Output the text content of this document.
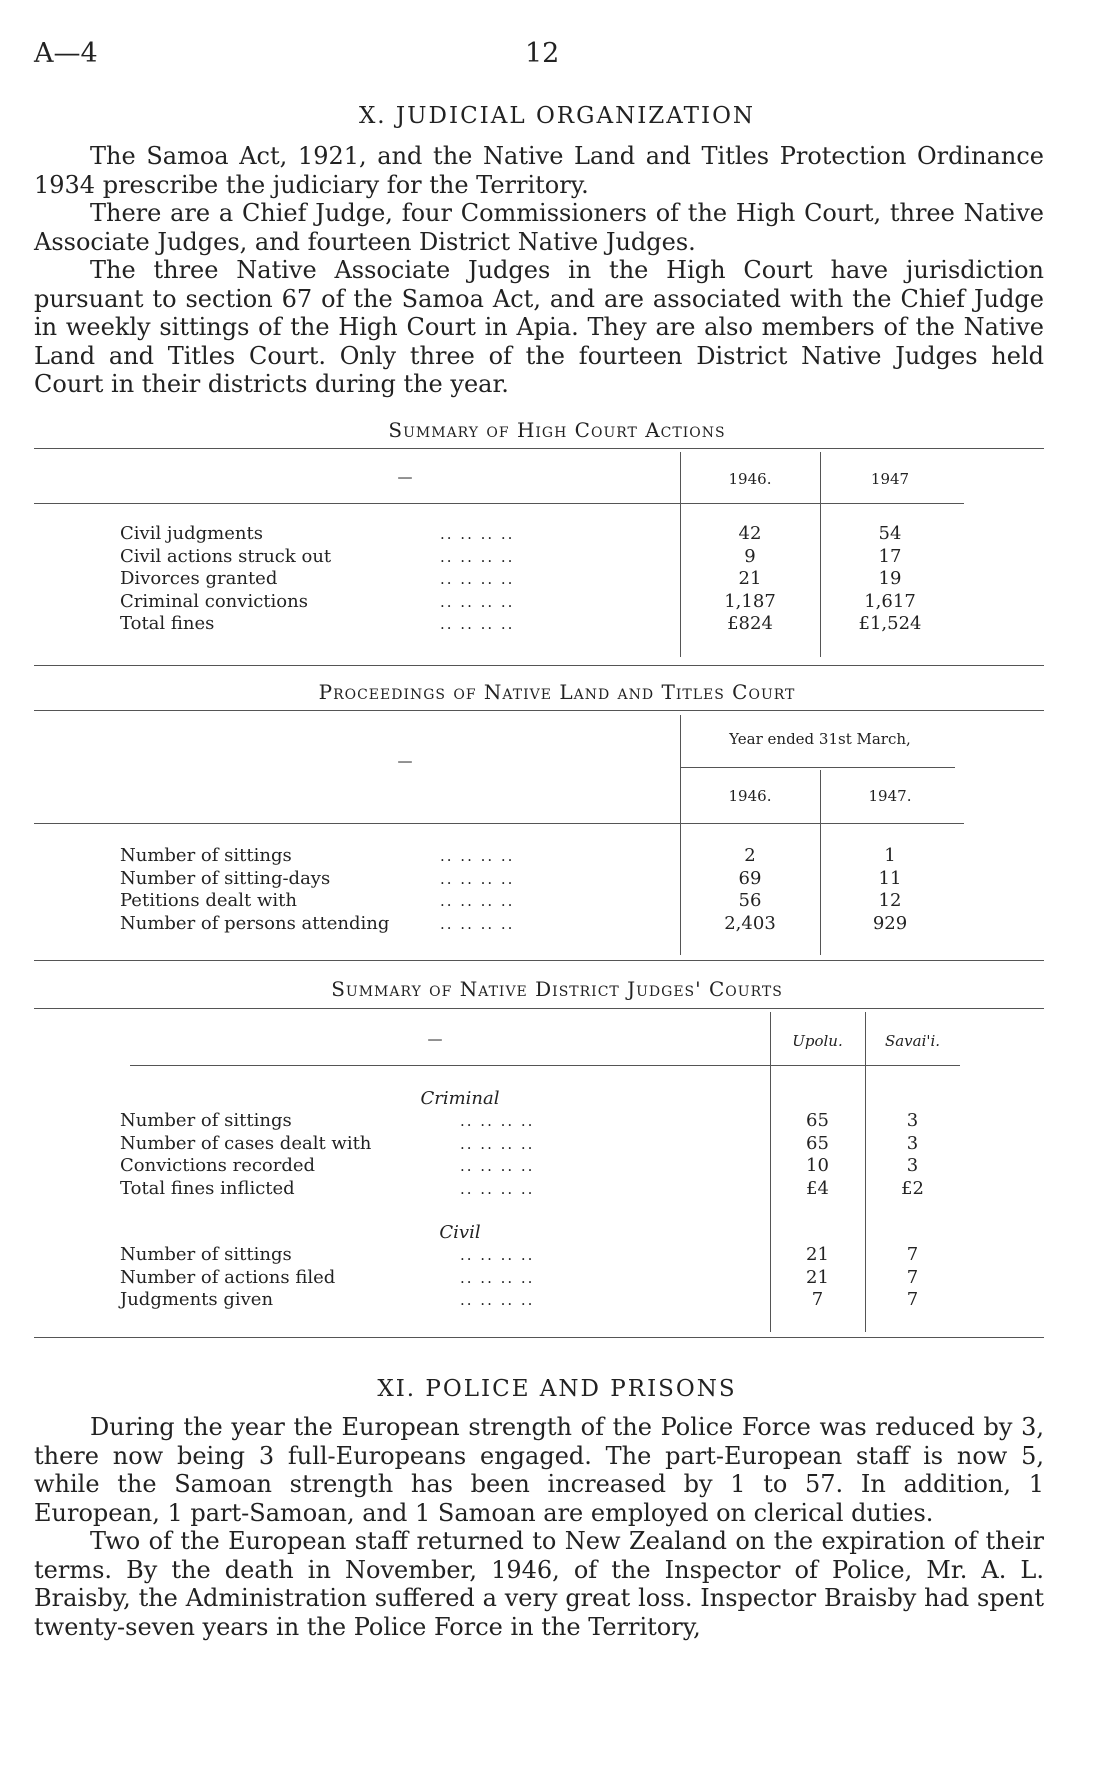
A—4	12
X. JUDICIAL ORGANIZATION

The Samoa Act, 1921, and the Native Land and Titles Protection Ordinance 1934 prescribe the judiciary for the Territory.

There are a Chief Judge, four Commissioners of the High Court, three Native Associate Judges, and fourteen District Native Judges.

The three Native Associate Judges in the High Court have jurisdiction pursuant to section 67 of the Samoa Act, and are associated with the Chief Judge in weekly sittings of the High Court in Apia. They are also members of the Native Land and Titles Court. Only three of the fourteen District Native Judges held Court in their districts during the year.

Summary of High Court Actions
—	1946.	1947
Civil judgments	.. .. .. ..	42	54
Civil actions struck out	.. .. .. ..	9	17
Divorces granted	.. .. .. ..	21	19
Criminal convictions	.. .. .. ..	1,187	1,617
Total fines	.. .. .. ..	£824	£1,524
Proceedings of Native Land and Titles Court
—
Year ended 31st March,
1946.	1947.
Number of sittings	.. .. .. ..	2	1
Number of sitting-days	.. .. .. ..	69	11
Petitions dealt with	.. .. .. ..	56	12
Number of persons attending	.. .. .. ..	2,403	929
Summary of Native District Judges' Courts
—	Upolu.	Savai'i.
Criminal
Number of sittings	.. .. .. ..	65	3
Number of cases dealt with	.. .. .. ..	65	3
Convictions recorded	.. .. .. ..	10	3
Total fines inflicted	.. .. .. ..	£4	£2
Civil
Number of sittings	.. .. .. ..	21	7
Number of actions filed	.. .. .. ..	21	7
Judgments given	.. .. .. ..	7	7
XI. POLICE AND PRISONS

During the year the European strength of the Police Force was reduced by 3, there now being 3 full-Europeans engaged. The part-European staff is now 5, while the Samoan strength has been increased by 1 to 57. In addition, 1 European, 1 part-Samoan, and 1 Samoan are employed on clerical duties.

Two of the European staff returned to New Zealand on the expiration of their terms. By the death in November, 1946, of the Inspector of Police, Mr. A. L. Braisby, the Administration suffered a very great loss. Inspector Braisby had spent twenty-seven years in the Police Force in the Territory,
